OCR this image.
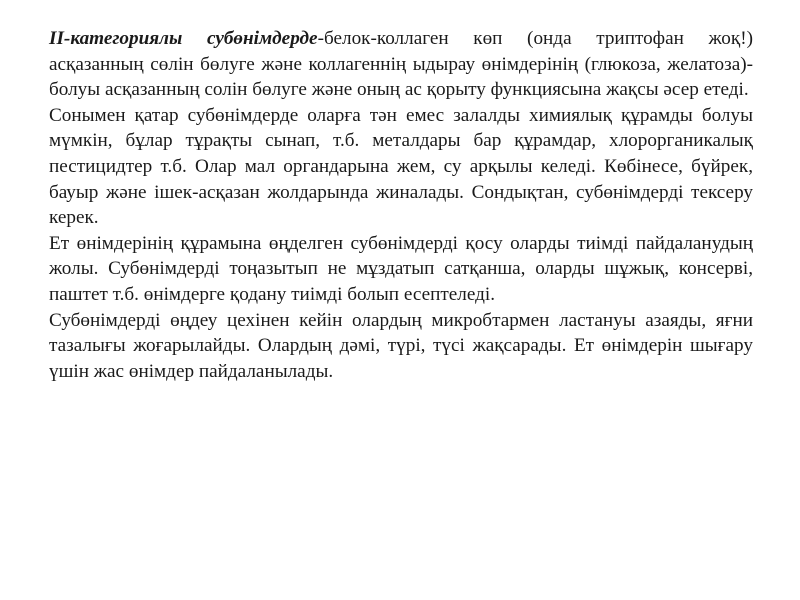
ІІ-категориялы субөнімдерде-белок-коллаген көп (онда триптофан жоқ!) асқазанның сөлін бөлуге және коллагеннің ыдырау өнімдерінің (глюкоза, желатоза)-болуы асқазанның солін бөлуге және оның ас қорыту функциясына жақсы әсер етеді.

Сонымен қатар субөнімдерде оларға тән емес залалды химиялық құрамды болуы мүмкін, бұлар тұрақты сынап, т.б. металдары бар құрамдар, хлорорганикалық пестицидтер т.б. Олар мал органдарына жем, су арқылы келеді. Көбінесе, бүйрек, бауыр және ішек-асқазан жолдарында жиналады. Сондықтан, субөнімдерді тексеру керек.

Ет өнімдерінің құрамына өңделген субөнімдерді қосу оларды тиімді пайдаланудың жолы. Субөнімдерді тоңазытып не мұздатып сатқанша, оларды шұжық, консервi, паштет т.б. өнімдерге қодану тиімді болып есептеледі.

Субөнімдерді өңдеу цехінен кейін олардың микробтармен ластануы азаяды, яғни тазалығы жоғарылайды. Олардың дәмі, түрі, түсі жақсарады. Ет өнімдерін шығару үшін жас өнімдер пайдаланылады.
